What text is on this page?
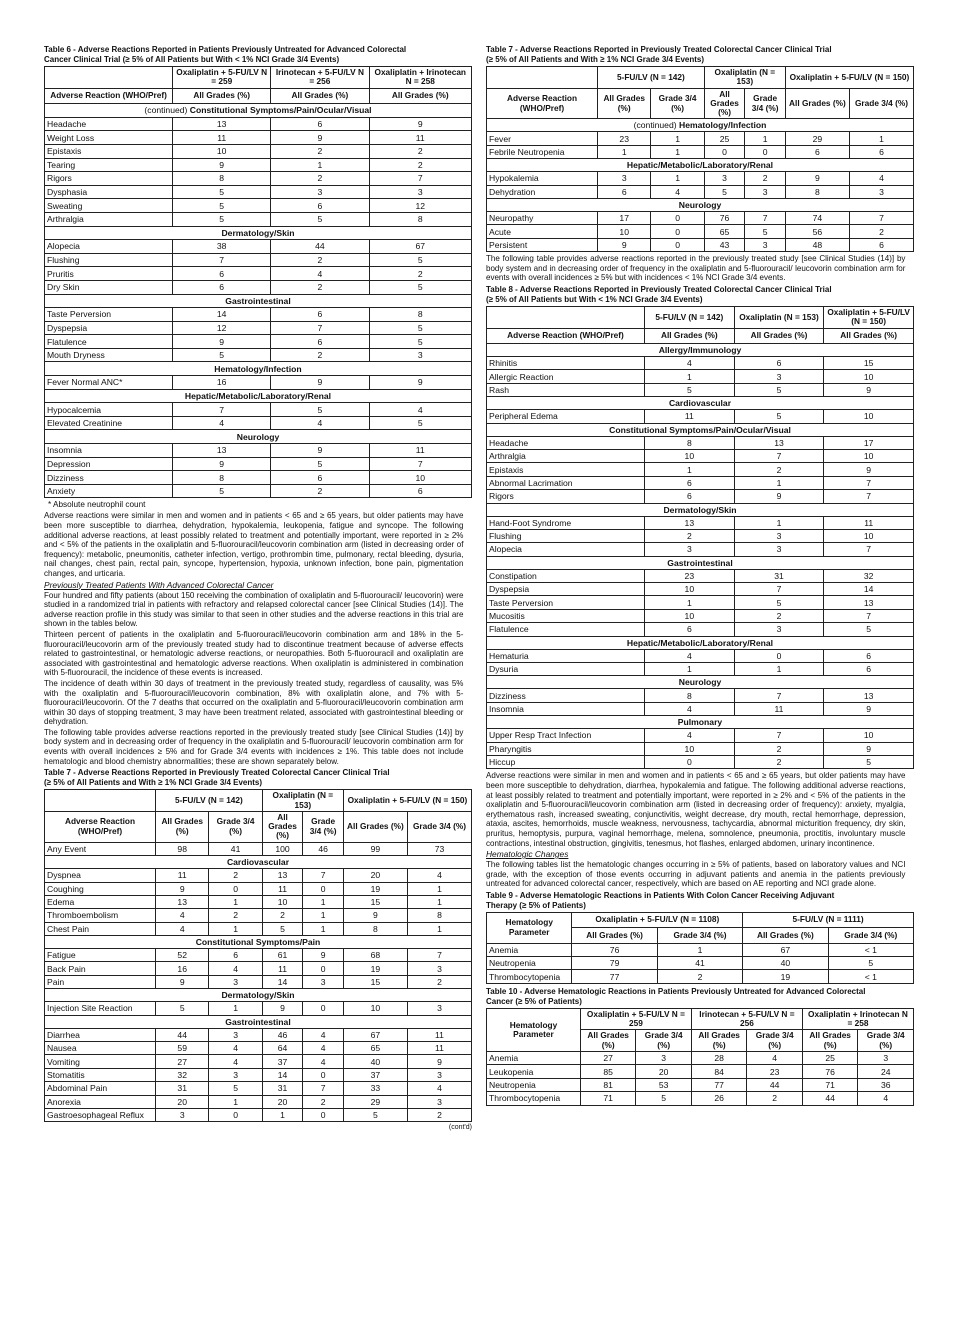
Table 6 - Adverse Reactions Reported in Patients Previously Untreated for Advanced Colorectal
Cancer Clinical Trial (≥ 5% of All Patients but With < 1% NCI Grade 3/4 Events)
	Oxaliplatin + 5-FU/LV N = 259	Irinotecan + 5-FU/LV N = 256	Oxaliplatin + Irinotecan N = 258
Adverse Reaction (WHO/Pref)	All Grades (%)	All Grades (%)	All Grades (%)
(continued) Constitutional Symptoms/Pain/Ocular/Visual			
Headache	13	6	9
Weight Loss	11	9	11
Epistaxis	10	2	2
Tearing	9	1	2
Rigors	8	2	7
Dysphasia	5	3	3
Sweating	5	6	12
Arthralgia	5	5	8
Dermatology/Skin			
Alopecia	38	44	67
Flushing	7	2	5
Pruritis	6	4	2
Dry Skin	6	2	5
Gastrointestinal			
Taste Perversion	14	6	8
Dyspepsia	12	7	5
Flatulence	9	6	5
Mouth Dryness	5	2	3
Hematology/Infection			
Fever Normal ANC*	16	9	9
Hepatic/Metabolic/Laboratory/Renal			
Hypocalcemia	7	5	4
Elevated Creatinine	4	4	5
Neurology			
Insomnia	13	9	11
Depression	9	5	7
Dizziness	8	6	10
Anxiety	5	2	6
* Absolute neutrophil count
Adverse reactions were similar in men and women and in patients < 65 and ≥ 65 years, but older patients may have been more susceptible to diarrhea, dehydration, hypokalemia, leukopenia, fatigue and syncope. The following additional adverse reactions, at least possibly related to treatment and potentially important, were reported in ≥ 2% and < 5% of the patients in the oxaliplatin and 5-fluorouracil/leucovorin combination arm (listed in decreasing order of frequency): metabolic, pneumonitis, catheter infection, vertigo, prothrombin time, pulmonary, rectal bleeding, dysuria, nail changes, chest pain, rectal pain, syncope, hypertension, hypoxia, unknown infection, bone pain, pigmentation changes, and urticaria.
Previously Treated Patients With Advanced Colorectal Cancer
Four hundred and fifty patients (about 150 receiving the combination of oxaliplatin and 5-fluorouracil/ leucovorin) were studied in a randomized trial in patients with refractory and relapsed colorectal cancer [see Clinical Studies (14)]. The adverse reaction profile in this study was similar to that seen in other studies and the adverse reactions in this trial are shown in the tables below.
Thirteen percent of patients in the oxaliplatin and 5-fluorouracil/leucovorin combination arm and 18% in the 5-fluorouracil/leucovorin arm of the previously treated study had to discontinue treatment because of adverse effects related to gastrointestinal, or hematologic adverse reactions, or neuropathies. Both 5-fluorouracil and oxaliplatin are associated with gastrointestinal and hematologic adverse reactions. When oxaliplatin is administered in combination with 5-fluorouracil, the incidence of these events is increased.
The incidence of death within 30 days of treatment in the previously treated study, regardless of causality, was 5% with the oxaliplatin and 5-fluorouracil/leucovorin combination, 8% with oxaliplatin alone, and 7% with 5-fluorouracil/leucovorin. Of the 7 deaths that occurred on the oxaliplatin and 5-fluorouracil/leucovorin combination arm within 30 days of stopping treatment, 3 may have been treatment related, associated with gastrointestinal bleeding or dehydration.
The following table provides adverse reactions reported in the previously treated study [see Clinical Studies (14)] by body system and in decreasing order of frequency in the oxaliplatin and 5-fluorouracil/ leucovorin combination arm for events with overall incidences ≥ 5% and for Grade 3/4 events with incidences ≥ 1%. This table does not include hematologic and blood chemistry abnormalities; these are shown separately below.
Table 7 - Adverse Reactions Reported in Previously Treated Colorectal Cancer Clinical Trial
(≥ 5% of All Patients and With ≥ 1% NCI Grade 3/4 Events)
	5-FU/LV (N = 142)		Oxaliplatin (N = 153)		Oxaliplatin + 5-FU/LV (N = 150)	
Adverse Reaction (WHO/Pref)	All Grades (%)	Grade 3/4 (%)	All Grades (%)	Grade 3/4 (%)	All Grades (%)	Grade 3/4 (%)
Any Event	98	41	100	46	99	73
Cardiovascular						
Dyspnea	11	2	13	7	20	4
Coughing	9	0	11	0	19	1
Edema	13	1	10	1	15	1
Thromboembolism	4	2	2	1	9	8
Chest Pain	4	1	5	1	8	1
Constitutional Symptoms/Pain						
Fatigue	52	6	61	9	68	7
Back Pain	16	4	11	0	19	3
Pain	9	3	14	3	15	2
Dermatology/Skin						
Injection Site Reaction	5	1	9	0	10	3
Gastrointestinal						
Diarrhea	44	3	46	4	67	11
Nausea	59	4	64	4	65	11
Vomiting	27	4	37	4	40	9
Stomatitis	32	3	14	0	37	3
Abdominal Pain	31	5	31	7	33	4
Anorexia	20	1	20	2	29	3
Gastroesophageal Reflux	3	0	1	0	5	2
(cont'd)
Table 7 - Adverse Reactions Reported in Previously Treated Colorectal Cancer Clinical Trial
(≥ 5% of All Patients and With ≥ 1% NCI Grade 3/4 Events)
	5-FU/LV (N = 142)		Oxaliplatin (N = 153)		Oxaliplatin + 5-FU/LV (N = 150)	
Adverse Reaction (WHO/Pref)	All Grades (%)	Grade 3/4 (%)	All Grades (%)	Grade 3/4 (%)	All Grades (%)	Grade 3/4 (%)
(continued) Hematology/Infection						
Fever	23	1	25	1	29	1
Febrile Neutropenia	1	1	0	0	6	6
Hepatic/Metabolic/Laboratory/Renal						
Hypokalemia	3	1	3	2	9	4
Dehydration	6	4	5	3	8	3
Neurology						
Neuropathy	17	0	76	7	74	7
Acute	10	0	65	5	56	2
Persistent	9	0	43	3	48	6
The following table provides adverse reactions reported in the previously treated study [see Clinical Studies (14)] by body system and in decreasing order of frequency in the oxaliplatin and 5-fluorouracil/ leucovorin combination arm for events with overall incidences ≥ 5% but with incidences < 1% NCI Grade 3/4 events.
Table 8 - Adverse Reactions Reported in Previously Treated Colorectal Cancer Clinical Trial
(≥ 5% of All Patients but With < 1% NCI Grade 3/4 Events)
	5-FU/LV (N = 142)	Oxaliplatin (N = 153)	Oxaliplatin + 5-FU/LV (N = 150)
Adverse Reaction (WHO/Pref)	All Grades (%)	All Grades (%)	All Grades (%)
Allergy/Immunology			
Rhinitis	4	6	15
Allergic Reaction	1	3	10
Rash	5	5	9
Cardiovascular			
Peripheral Edema	11	5	10
Constitutional Symptoms/Pain/Ocular/Visual			
Headache	8	13	17
Arthralgia	10	7	10
Epistaxis	1	2	9
Abnormal Lacrimation	6	1	7
Rigors	6	9	7
Dermatology/Skin			
Hand-Foot Syndrome	13	1	11
Flushing	2	3	10
Alopecia	3	3	7
Gastrointestinal			
Constipation	23	31	32
Dyspepsia	10	7	14
Taste Perversion	1	5	13
Mucositis	10	2	7
Flatulence	6	3	5
Hepatic/Metabolic/Laboratory/Renal			
Hematuria	4	0	6
Dysuria	1	1	6
Neurology			
Dizziness	8	7	13
Insomnia	4	11	9
Pulmonary			
Upper Resp Tract Infection	4	7	10
Pharyngitis	10	2	9
Hiccup	0	2	5
Adverse reactions were similar in men and women and in patients < 65 and ≥ 65 years, but older patients may have been more susceptible to dehydration, diarrhea, hypokalemia and fatigue. The following additional adverse reactions, at least possibly related to treatment and potentially important, were reported in ≥ 2% and < 5% of the patients in the oxaliplatin and 5-fluorouracil/leucovorin combination arm (listed in decreasing order of frequency): anxiety, myalgia, erythematous rash, increased sweating, conjunctivitis, weight decrease, dry mouth, rectal hemorrhage, depression, ataxia, ascites, hemorrhoids, muscle weakness, nervousness, tachycardia, abnormal micturition frequency, dry skin, pruritus, hemoptysis, purpura, vaginal hemorrhage, melena, somnolence, pneumonia, proctitis, involuntary muscle contractions, intestinal obstruction, gingivitis, tenesmus, hot flashes, enlarged abdomen, urinary incontinence.
Hematologic Changes
The following tables list the hematologic changes occurring in ≥ 5% of patients, based on laboratory values and NCI grade, with the exception of those events occurring in adjuvant patients and anemia in the patients previously untreated for advanced colorectal cancer, respectively, which are based on AE reporting and NCI grade alone.
Table 9 - Adverse Hematologic Reactions in Patients With Colon Cancer Receiving Adjuvant
Therapy (≥ 5% of Patients)
Hematology Parameter	Oxaliplatin + 5-FU/LV (N = 1108)		5-FU/LV (N = 1111)	
	All Grades (%)	Grade 3/4 (%)	All Grades (%)	Grade 3/4 (%)
Anemia	76	1	67	< 1
Neutropenia	79	41	40	5
Thrombocytopenia	77	2	19	< 1
Table 10 - Adverse Hematologic Reactions in Patients Previously Untreated for Advanced Colorectal
Cancer (≥ 5% of Patients)
Hematology Parameter	Oxaliplatin + 5-FU/LV N = 259		Irinotecan + 5-FU/LV N = 256		Oxaliplatin + Irinotecan N = 258	
	All Grades (%)	Grade 3/4 (%)	All Grades (%)	Grade 3/4 (%)	All Grades (%)	Grade 3/4 (%)
Anemia	27	3	28	4	25	3
Leukopenia	85	20	84	23	76	24
Neutropenia	81	53	77	44	71	36
Thrombocytopenia	71	5	26	2	44	4
